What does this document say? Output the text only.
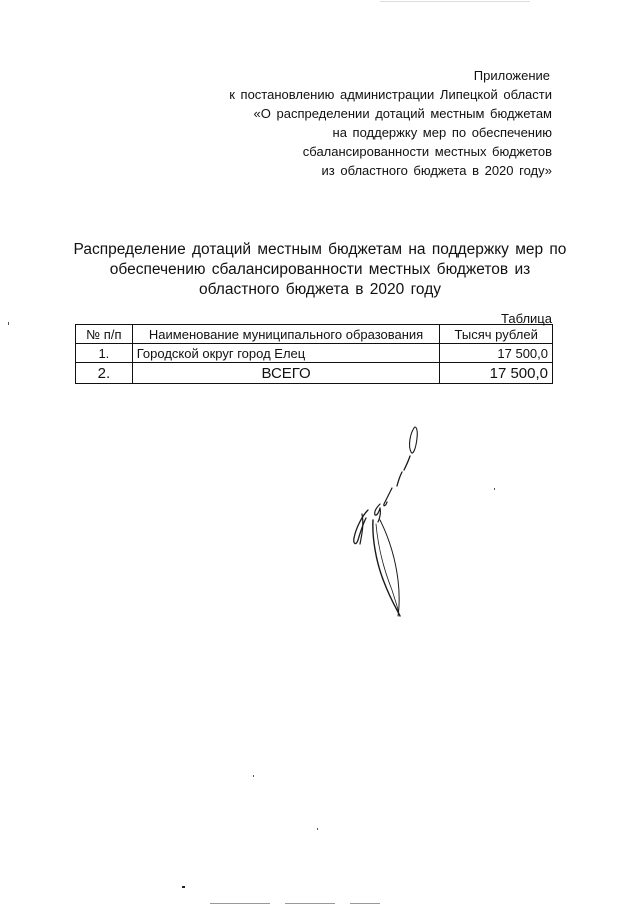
Приложение
к постановлению администрации Липецкой области
«О распределении дотаций местным бюджетам
на поддержку мер по обеспечению
сбалансированности местных бюджетов
из областного бюджета в 2020 году»
Распределение дотаций местным бюджетам на поддержку мер по
обеспечению сбалансированности местных бюджетов из
областного бюджета в 2020 году
Таблица
№ п/п	Наименование муниципального образования	Тысяч рублей
1.	Городской округ город Елец	17 500,0
2.	ВСЕГО	17 500,0
